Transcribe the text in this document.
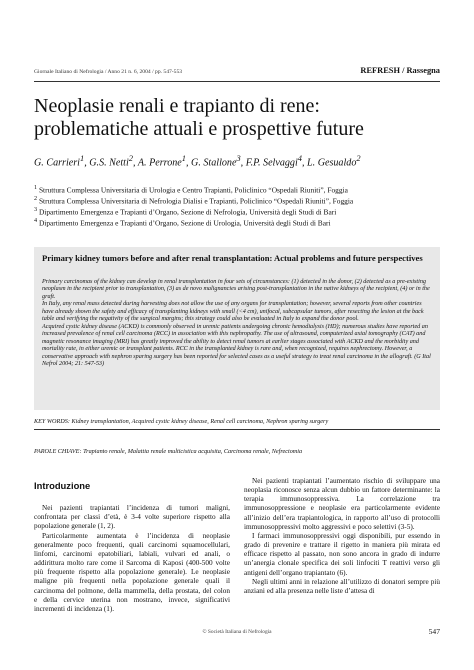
Giornale Italiano di Nefrologia / Anno 21 n. 6, 2004 / pp. 547-553	REFRESH / Rassegna
Neoplasie renali e trapianto di rene:
problematiche attuali e prospettive future
G. Carrieri$^1$, G.S. Netti$^2$, A. Perrone$^1$, G. Stallone$^3$, F.P. Selvaggi$^4$, L. Gesualdo$^2$
$^1$ Struttura Complessa Universitaria di Urologia e Centro Trapianti, Policlinico “Ospedali Riuniti”, Foggia
$^2$ Struttura Complessa Universitaria di Nefrologia Dialisi e Trapianti, Policlinico “Ospedali Riuniti”, Foggia
$^3$ Dipartimento Emergenza e Trapianti d’Organo, Sezione di Nefrologia, Università degli Studi di Bari
$^4$ Dipartimento Emergenza e Trapianti d’Organo, Sezione di Urologia, Università degli Studi di Bari
Primary kidney tumors before and after renal transplantation: Actual problems and future perspectives

Primary carcinomas of the kidney can develop in renal transplantation in four sets of circumstances: (1) detected in the donor, (2) detected as a pre-existing neoplasm in the recipient prior to transplantation, (3) as de novo malignancies arising post-transplantation in the native kidneys of the recipient, (4) or in the graft.

In Italy, any renal mass detected during harvesting does not allow the use of any organs for transplantation; however, several reports from other countries have already shown the safety and efficacy of transplanting kidneys with small (<4 cm), unifocal, subcapsular tumors, after resecting the lesion at the back table and verifying the negativity of the surgical margins; this strategy could also be evaluated in Italy to expand the donor pool.

Acquired cystic kidney disease (ACKD) is commonly observed in uremic patients undergoing chronic hemodialysis (HD); numerous studies have reported an increased prevalence of renal cell carcinoma (RCC) in association with this nephropathy. The use of ultrasound, computerized axial tomography (CAT) and magnetic resonance imaging (MRI) has greatly improved the ability to detect renal tumors at earlier stages associated with ACKD and the morbidity and mortality rate, in either uremic or transplant patients. RCC in the transplanted kidney is rare and, when recognized, requires nephrectomy. However, a conservative approach with nephron sparing surgery has been reported for selected cases as a useful strategy to treat renal carcinoma in the allograft. (G Ital Nefrol 2004; 21: 547-53)

KEY WORDS: Kidney transplantation, Acquired cystic kidney disease, Renal cell carcinoma, Nephron sparing surgery
PAROLE CHIAVE: Trapianto renale, Malattia renale multicistica acquisita, Carcinoma renale, Nefrectomia
Introduzione

Nei pazienti trapiantati l’incidenza di tumori maligni, confrontata per classi d’età, è 3-4 volte superiore rispetto alla popolazione generale (1, 2).

Particolarmente aumentata è l’incidenza di neoplasie generalmente poco frequenti, quali carcinomi squamocellulari, linfomi, carcinomi epatobiliari, labiali, vulvari ed anali, o addirittura molto rare come il Sarcoma di Kaposi (400-500 volte più frequente rispetto alla popolazione generale). Le neoplasie maligne più frequenti nella popolazione generale quali il carcinoma del polmone, della mammella, della prostata, del colon e della cervice uterina non mostrano, invece, significativi incrementi di incidenza (1).

Nei pazienti trapiantati l’aumentato rischio di sviluppare una neoplasia riconosce senza alcun dubbio un fattore determinante: la terapia immunosoppressiva. La correlazione tra immunosoppressione e neoplasie era particolarmente evidente all’inizio dell’era trapiantologica, in rapporto all’uso di protocolli immunosoppressivi molto aggressivi e poco selettivi (3-5).

I farmaci immunosoppressivi oggi disponibili, pur essendo in grado di prevenire e trattare il rigetto in maniera più mirata ed efficace rispetto al passato, non sono ancora in grado di indurre un’anergia clonale specifica dei soli linfociti T reattivi verso gli antigeni dell’organo trapiantato (6).

Negli ultimi anni in relazione all’utilizzo di donatori sempre più anziani ed alla presenza nelle liste d’attesa di

© Società Italiana di Nefrologia	547
